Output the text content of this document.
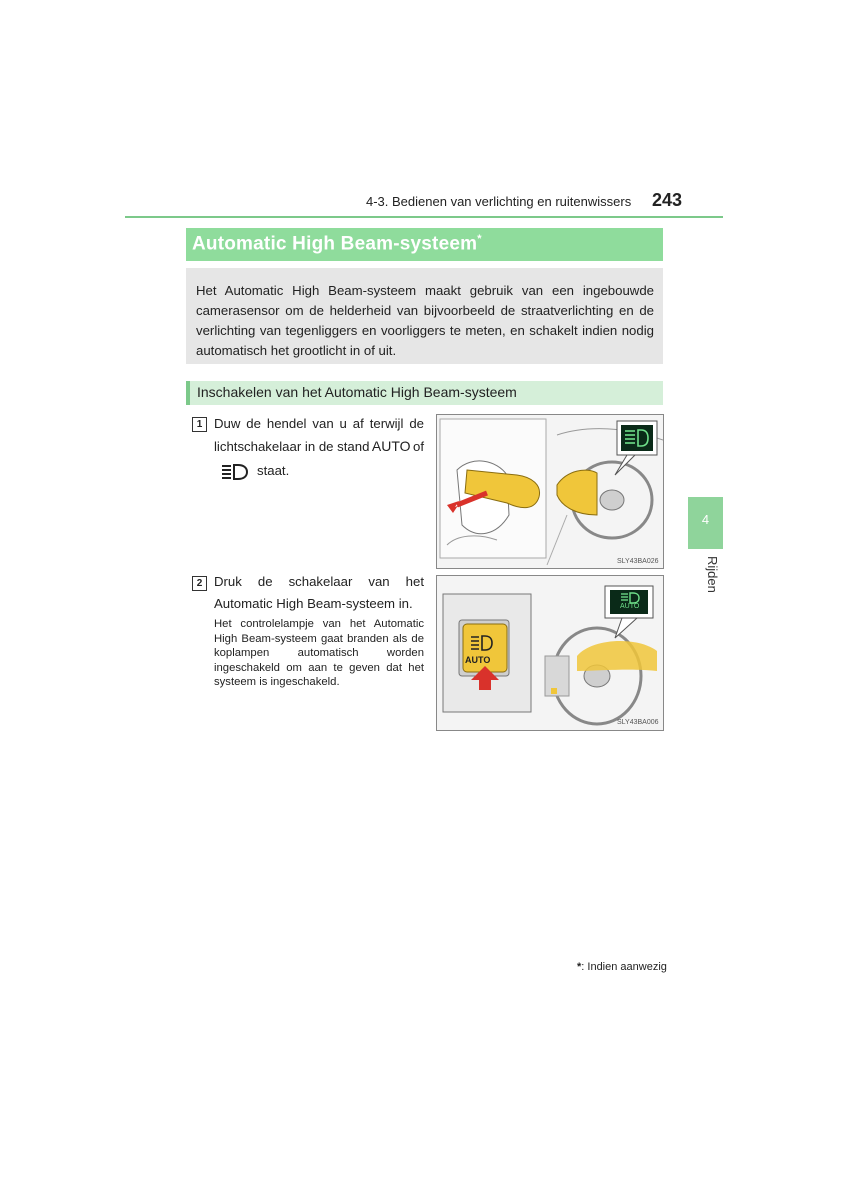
4-3. Bedienen van verlichting en ruitenwissers 243
4
Rijden
Automatic High Beam-systeem*
Het Automatic High Beam-systeem maakt gebruik van een ingebouwde camerasensor om de helderheid van bijvoorbeeld de straatverlichting en de verlichting van tegenliggers en voorliggers te meten, en schakelt indien nodig automatisch het grootlicht in of uit.
Inschakelen van het Automatic High Beam-systeem
1 Duw de hendel van u af terwijl de
lichtschakelaar in de stand AUTO of
staat.
SLY43BA026
2 Druk de schakelaar van het Automatic High Beam-systeem in.
Het controlelampje van het Automatic High Beam-systeem gaat branden als de koplampen automatisch worden ingeschakeld om aan te geven dat het systeem is ingeschakeld.
AUTO
AUTO
SLY43BA006
*: Indien aanwezig
